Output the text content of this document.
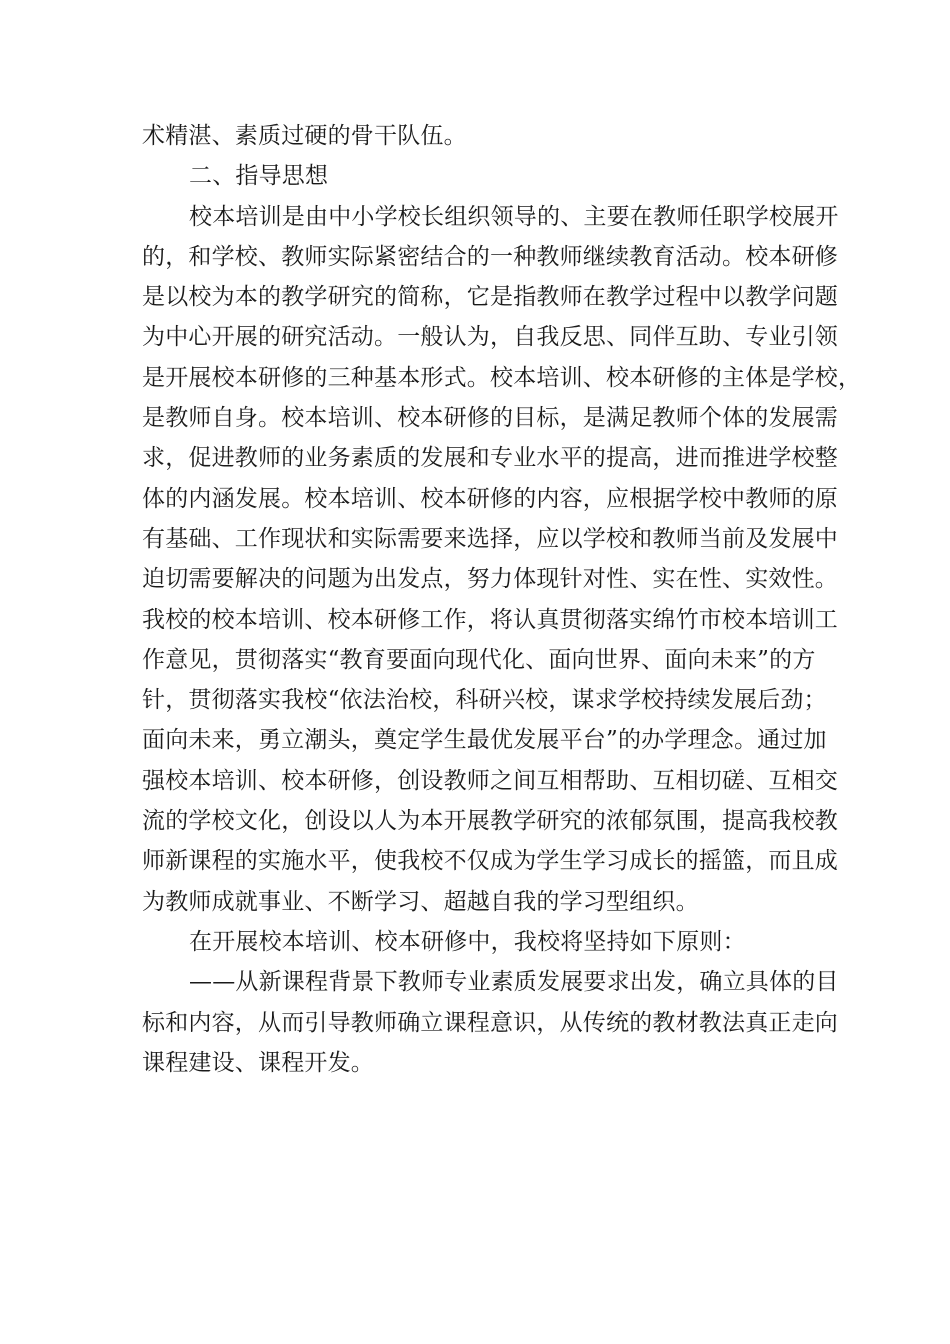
术精湛、素质过硬的骨干队伍。
二、指导思想
校本培训是由中小学校长组织领导的、主要在教师任职学校展开
的，和学校、教师实际紧密结合的一种教师继续教育活动。校本研修
是以校为本的教学研究的简称，它是指教师在教学过程中以教学问题
为中心开展的研究活动。一般认为，自我反思、同伴互助、专业引领
是开展校本研修的三种基本形式。校本培训、校本研修的主体是学校，
是教师自身。校本培训、校本研修的目标，是满足教师个体的发展需
求，促进教师的业务素质的发展和专业水平的提高，进而推进学校整
体的内涵发展。校本培训、校本研修的内容，应根据学校中教师的原
有基础、工作现状和实际需要来选择，应以学校和教师当前及发展中
迫切需要解决的问题为出发点，努力体现针对性、实在性、实效性。
我校的校本培训、校本研修工作，将认真贯彻落实绵竹市校本培训工
作意见，贯彻落实“教育要面向现代化、面向世界、面向未来”的方
针，贯彻落实我校“依法治校，科研兴校，谋求学校持续发展后劲；
面向未来，勇立潮头，奠定学生最优发展平台”的办学理念。通过加
强校本培训、校本研修，创设教师之间互相帮助、互相切磋、互相交
流的学校文化，创设以人为本开展教学研究的浓郁氛围，提高我校教
师新课程的实施水平，使我校不仅成为学生学习成长的摇篮，而且成
为教师成就事业、不断学习、超越自我的学习型组织。
在开展校本培训、校本研修中，我校将坚持如下原则：
——从新课程背景下教师专业素质发展要求出发，确立具体的目
标和内容，从而引导教师确立课程意识，从传统的教材教法真正走向
课程建设、课程开发。
